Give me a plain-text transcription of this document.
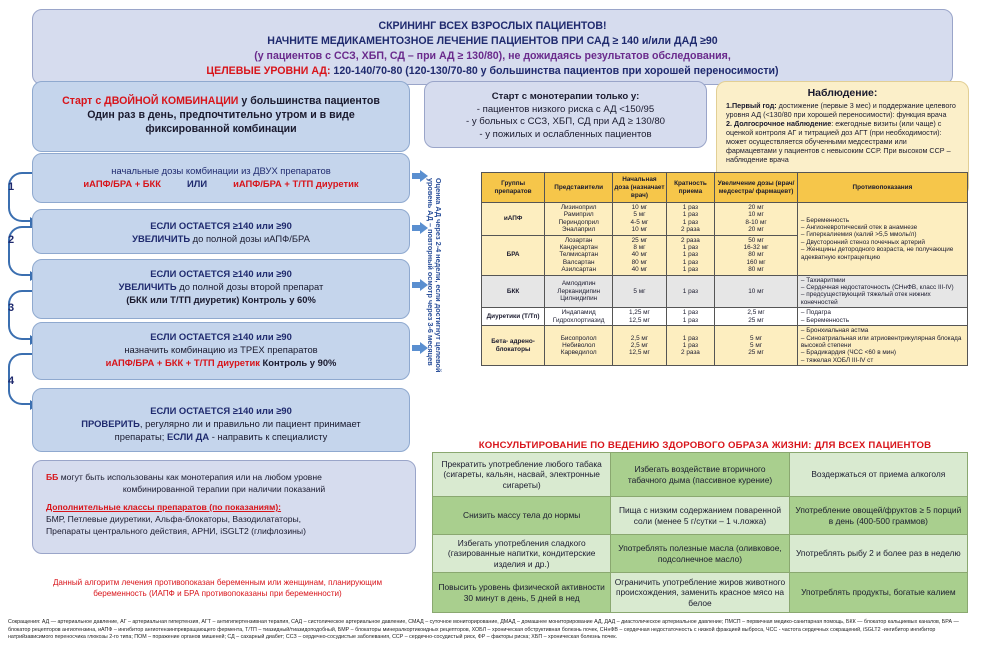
СКРИНИНГ ВСЕХ ВЗРОСЛЫХ ПАЦИЕНТОВ!
НАЧНИТЕ МЕДИКАМЕНТОЗНОЕ ЛЕЧЕНИЕ ПАЦИЕНТОВ ПРИ САД ≥ 140 и/или ДАД ≥90
(у пациентов с ССЗ, ХБП, СД – при АД ≥ 130/80), не дожидаясь результатов обследования,
ЦЕЛЕВЫЕ УРОВНИ АД: 120-140/70-80 (120-130/70-80 у большинства пациентов при хорошей переносимости)
Старт с ДВОЙНОЙ КОМБИНАЦИИ у большинства пациентов
Один раз в день, предпочтительно утром и в виде
фиксированной комбинации
Старт с монотерапии только у:
- пациентов низкого риска с АД <150/95
- у больных с ССЗ, ХБП, СД при АД ≥ 130/80
- у пожилых и ослабленных пациентов
Наблюдение:
1.Первый год: достижение (первые 3 мес) и поддержание целевого уровня АД (<130/80 при хорошей переносимости): функция врача
2. Долгосрочное наблюдение: ежегодные визиты (или чаще) с оценкой контроля АГ и титрацией доз АГТ (при необходимости): может осуществляется обученными медсестрами или фармацевтами у пациентов с невысоким ССР. При высоком ССР – наблюдение врача
1
2
3
4
начальные дозы комбинации из ДВУХ препаратов
иАПФ/БРА + БКК	ИЛИ	иАПФ/БРА + Т/ТП диуретик
ЕСЛИ ОСТАЕТСЯ ≥140 или ≥90
УВЕЛИЧИТЬ до полной дозы иАПФ/БРА
ЕСЛИ ОСТАЕТСЯ ≥140 или ≥90
УВЕЛИЧИТЬ до полной дозы второй препарат
(БКК или Т/ТП диуретик) Контроль у 60%
ЕСЛИ ОСТАЕТСЯ ≥140 или ≥90
назначить комбинацию из ТРЕХ препаратов
иАПФ/БРА + БКК + Т/ТП диуретик Контроль у 90%
ЕСЛИ ОСТАЕТСЯ ≥140 или ≥90
ПРОВЕРИТЬ, регулярно ли и правильно ли пациент принимает
препараты; ЕСЛИ ДА - направить к специалисту
Оценка АД через 2-4 недели, если достигнут целевой
уровень АД – повторный осмотр через 3-6 месяцев
ББ могут быть использованы как монотерапия или на любом уровне
комбинированной терапии при наличии показаний
Дополнительные классы препаратов (по показаниям):
БМР, Петлевые диуретики, Альфа-блокаторы, Вазодилататоры,
Препараты центрального действия, АРНИ, iSGLT2 (глифлозины)
Данный алгоритм лечения противопоказан беременным или женщинам, планирующим
беременность (ИАПФ и БРА противопоказаны при беременности)
Группы препаратов	Представители	Начальная доза (назначает врач)	Кратность приема	Увеличение дозы (врач/медсестра/ фармацевт)	Противопоказания
иАПФ	Лизиноприл
Рамиприл
Периндоприл
Эналаприл	10 мг
5 мг
4-5 мг
10 мг	1 раз
1 раз
1 раз
2 раза	20 мг
10 мг
8-10 мг
20 мг	– Беременность
– Ангионевротический отек в анамнезе
– Гиперкалиемия (калий >5,5 ммоль/л)
– Двусторонний стеноз почечных артерий
– Женщины детородного возраста, не получающие адекватную контрацепцию

БРА	Лозартан
Кандесартан
Телмисартан
Валсартан
Азилсартан	25 мг
8 мг
40 мг
80 мг
40 мг	2 раза
1 раз
1 раз
1 раз
1 раз	50 мг
16-32 мг
80 мг
160 мг
80 мг	

БКК	Амлодипин
Лерканидипин
Цилнидипин	5 мг	1 раз	10 мг	– Тахиаритмии
– Сердечная недостаточность (СНнФВ, класс III-IV)
– предсуществующий тяжелый отек нижних конечностей

Диуретики (Т/Тп)	Индапамид
Гидрохлортиазид	1,25 мг
12,5 мг	1 раз
1 раз	2,5 мг
25 мг	– Подагра
– Беременность

Бета- адрено- блокаторы	Бисопролол
Небиволол
Карведилол	2,5 мг
2,5 мг
12,5 мг	1 раз
1 раз
2 раза	5 мг
5 мг
25 мг	– Бронхиальная астма
– Синоатриальная или атриовентрикулярная блокада высокой степени
– Брадикардия (ЧСС <60 в мин)
– тяжелая ХОБЛ III-IV ст
КОНСУЛЬТИРОВАНИЕ ПО ВЕДЕНИЮ ЗДОРОВОГО ОБРАЗА ЖИЗНИ: ДЛЯ ВСЕХ ПАЦИЕНТОВ
Прекратить употребление любого табака (сигареты, кальян, насвай, электронные сигареты)	Избегать воздействие вторичного табачного дыма (пассивное курение)	Воздержаться от приема алкоголя
Снизить массу тела до нормы	Пища с низким содержанием поваренной соли (менее 5 г/сутки – 1 ч.ложка)	Употребление овощей/фруктов ≥ 5 порций в день (400-500 граммов)
Избегать употребления сладкого (газированные напитки, кондитерские изделия и др.)	Употреблять полезные масла (оливковое, подсолнечное масло)	Употреблять рыбу 2 и более раз в неделю
Повысить уровень физической активности 30 минут в день, 5 дней в нед	Ограничить употребление жиров животного происхождения, заменить красное мясо на белое	Употреблять продукты, богатые калием
Сокращения: АД — артериальное давление, АГ – артериальная гипертензия, АГТ – антигипертензивная терапия, САД – систолическое артериальное давление, СМАД – суточное мониторирование, ДМАД – домашнее мониторирование АД, ДАД – диастолическое артериальное давление; ПМСП – первичная медико-санитарная помощь, БКК — блокатор кальциевых каналов, БРА — блокатор рецепторов ангиотензина, иАПФ – ингибитор ангиотензинпревращающего фермента, Т/ТП – тиазидный/тиазидоподобный, БМР – блокаторы минералкортикоидных рецепторов, ХОБЛ – хроническая обструктивная болезнь почек, СНнФВ – сердечная недостаточность с низкой фракцией выброса, ЧСС - частота сердечных сокращений, iSGLT2 -ингибитор ингибитор натрийзависимого переносчика глюкозы 2-го типа; ПОМ – поражение органов мишеней; СД – сахарный диабет; ССЗ – сердечно-сосудистые заболевания, ССР – сердечно-сосудистый риск, ФР – факторы риска; ХБП – хроническая болезнь почек.
